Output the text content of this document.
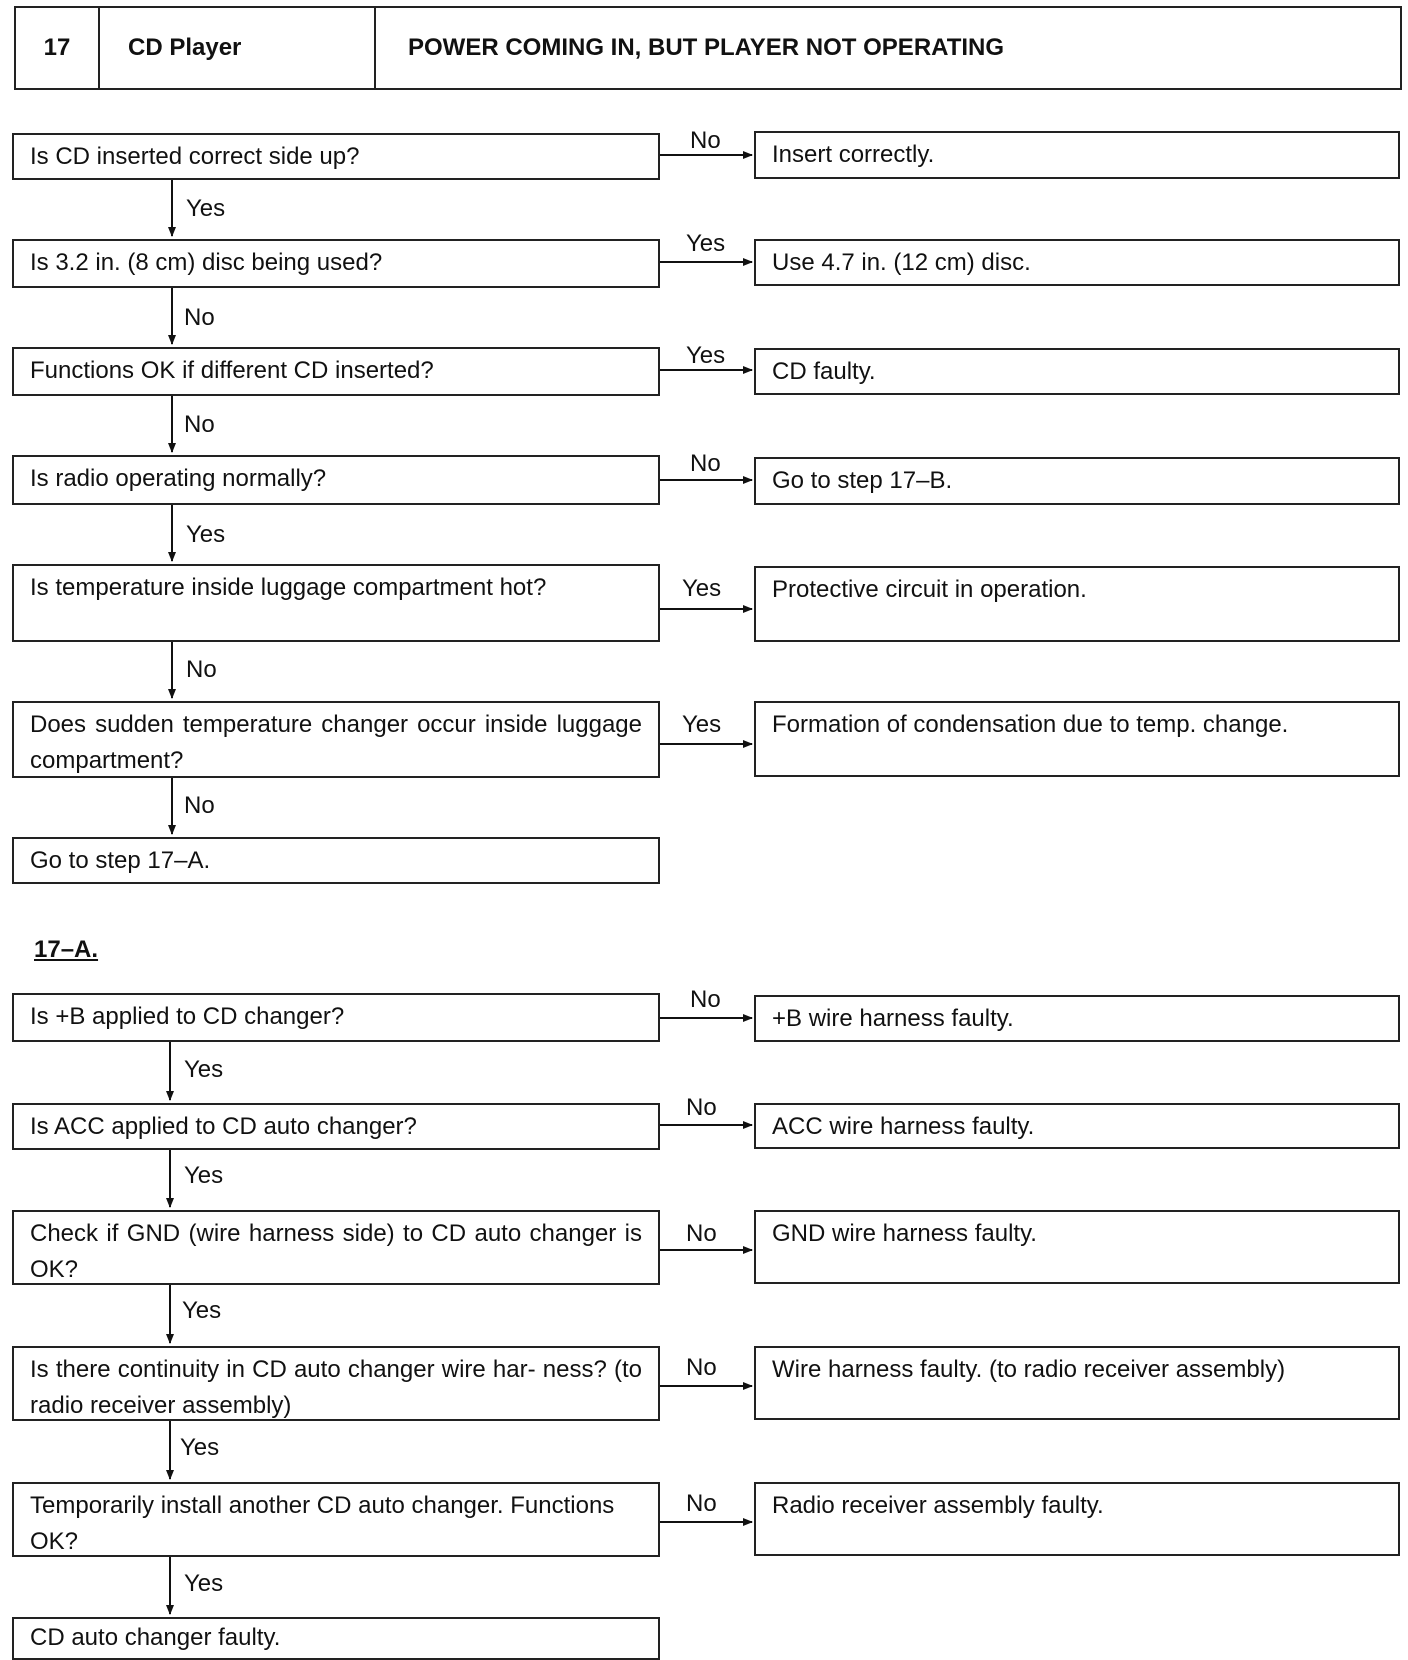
17	CD Player	POWER COMING IN, BUT PLAYER NOT OPERATING
Is CD inserted correct side up?	Insert correctly.
No
Yes
Is 3.2 in. (8 cm) disc being used?	Use 4.7 in. (12 cm) disc.
Yes
No
Functions OK if different CD inserted?	CD faulty.
Yes
No
Is radio operating normally?	Go to step 17–B.
No
Yes
Is temperature inside luggage compartment hot?	Protective circuit in operation.
Yes
No
Does sudden temperature changer occur inside luggage compartment?
Formation of condensation due to temp. change.
Yes
No
Go to step 17–A.
17–A.
Is +B applied to CD changer?	+B wire harness faulty.
No
Yes
Is ACC applied to CD auto changer?	ACC wire harness faulty.
No
Yes
Check if GND (wire harness side) to CD auto changer is OK?
GND wire harness faulty.
No
Yes
Is there continuity in CD auto changer wire har- ness? (to radio receiver assembly)
Wire harness faulty. (to radio receiver assembly)
No
Yes
Temporarily install another CD auto changer. Functions OK?
Radio receiver assembly faulty.
No
Yes
CD auto changer faulty.
